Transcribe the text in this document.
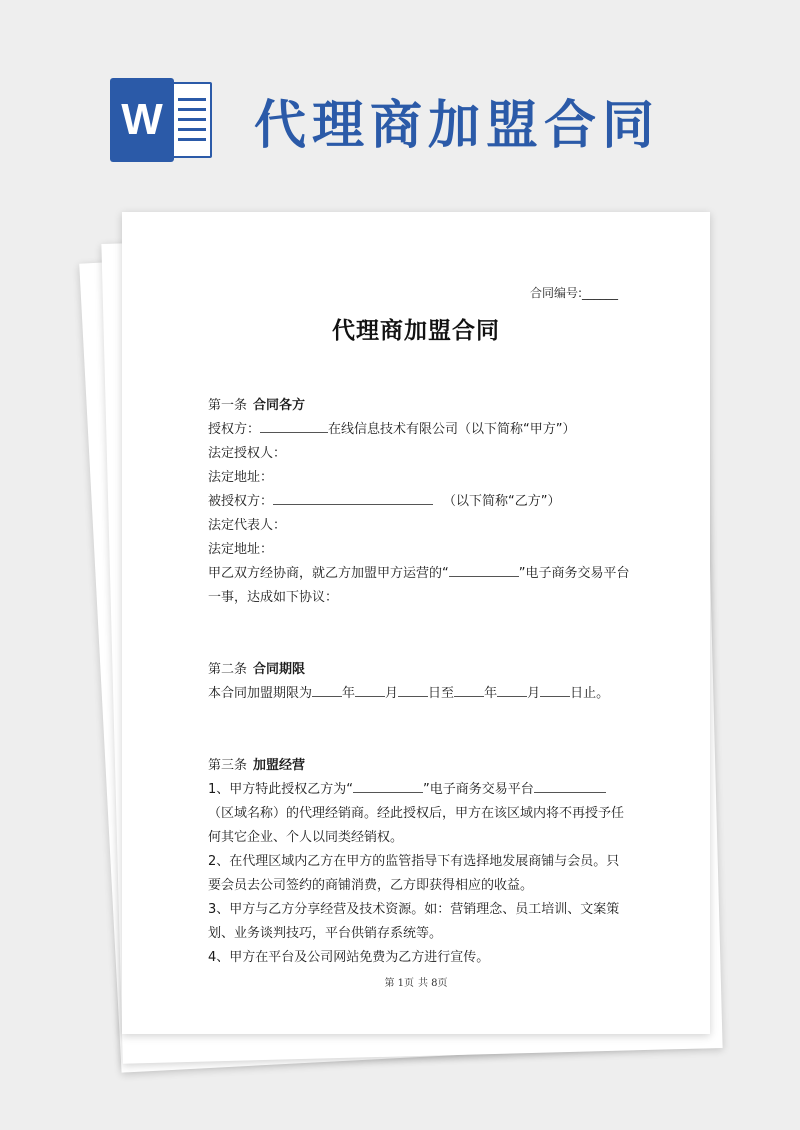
W 代理商加盟合同
合同编号:______
代理商加盟合同
第一条 合同各方
授权方：	在线信息技术有限公司（以下简称“甲方”）
法定授权人：
法定地址：
被授权方：	（以下简称“乙方”）
法定代表人：
法定地址：
甲乙双方经协商，就乙方加盟甲方运营的“	”电子商务交易平台
一事，达成如下协议：
第二条 合同期限
本合同加盟期限为 年 月 日至 年 月 日止。
第三条 加盟经营
1、甲方特此授权乙方为“	”电子商务交易平台
（区域名称）的代理经销商。经此授权后，甲方在该区域内将不再授予任何其它企业、个人以同类经销权。
2、在代理区域内乙方在甲方的监管指导下有选择地发展商铺与会员。只要会员去公司签约的商铺消费，乙方即获得相应的收益。
3、甲方与乙方分享经营及技术资源。如：营销理念、员工培训、文案策划、业务谈判技巧，平台供销存系统等。
4、甲方在平台及公司网站免费为乙方进行宣传。
第 1页 共 8页
